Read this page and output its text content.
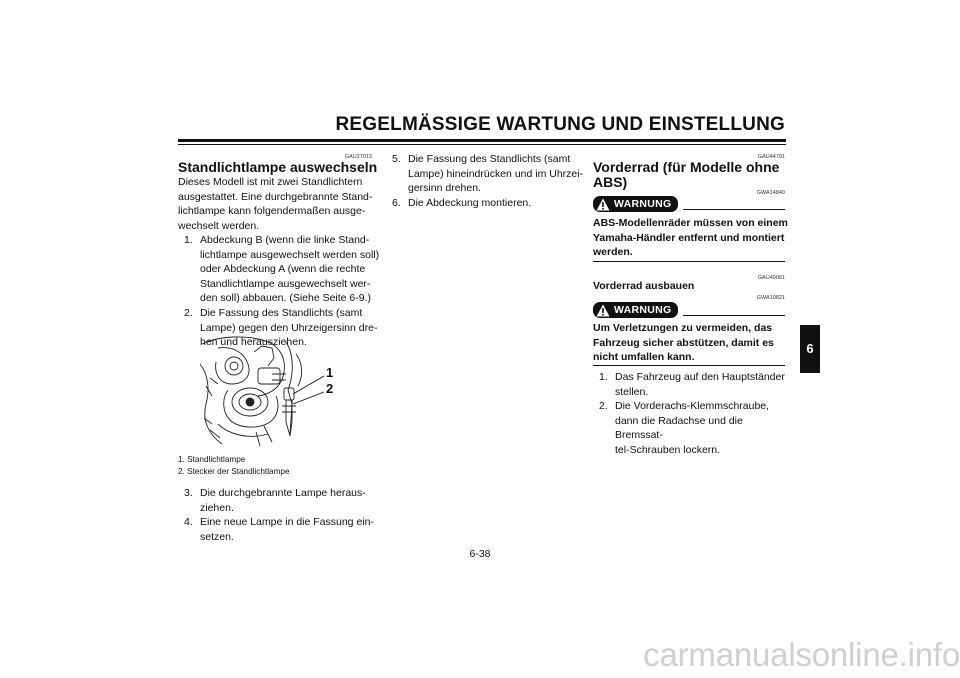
REGELMÄSSIGE WARTUNG UND EINSTELLUNG
GAU27013
Standlichtlampe auswechseln
Dieses Modell ist mit zwei Standlichtern
ausgestattet. Eine durchgebrannte Stand-
lichtlampe kann folgendermaßen ausge-
wechselt werden.
1. Abdeckung B (wenn die linke Stand-
lichtlampe ausgewechselt werden soll)
oder Abdeckung A (wenn die rechte
Standlichtlampe ausgewechselt wer-
den soll) abbauen. (Siehe Seite 6-9.)
2. Die Fassung des Standlichts (samt
Lampe) gegen den Uhrzeigersinn dre-
hen und herausziehen.
1
2
1. Standlichtlampe
2. Stecker der Standlichtlampe
3. Die durchgebrannte Lampe heraus-
ziehen.
4. Eine neue Lampe in die Fassung ein-
setzen.
5. Die Fassung des Standlichts (samt
Lampe) hineindrücken und im Uhrzei-
gersinn drehen.
6. Die Abdeckung montieren.
GAU44791
Vorderrad (für Modelle ohne
ABS)
GWA14840
WARNUNG
ABS-Modellenräder müssen von einem
Yamaha-Händler entfernt und montiert
werden.
GAU40061
Vorderrad ausbauen
GWA10821
WARNUNG
Um Verletzungen zu vermeiden, das
Fahrzeug sicher abstützen, damit es
nicht umfallen kann.
1. Das Fahrzeug auf den Hauptständer
stellen.
2. Die Vorderachs-Klemmschraube,
dann die Radachse und die Bremssat-
tel-Schrauben lockern.
6
6-38
carmanualsonline.info
